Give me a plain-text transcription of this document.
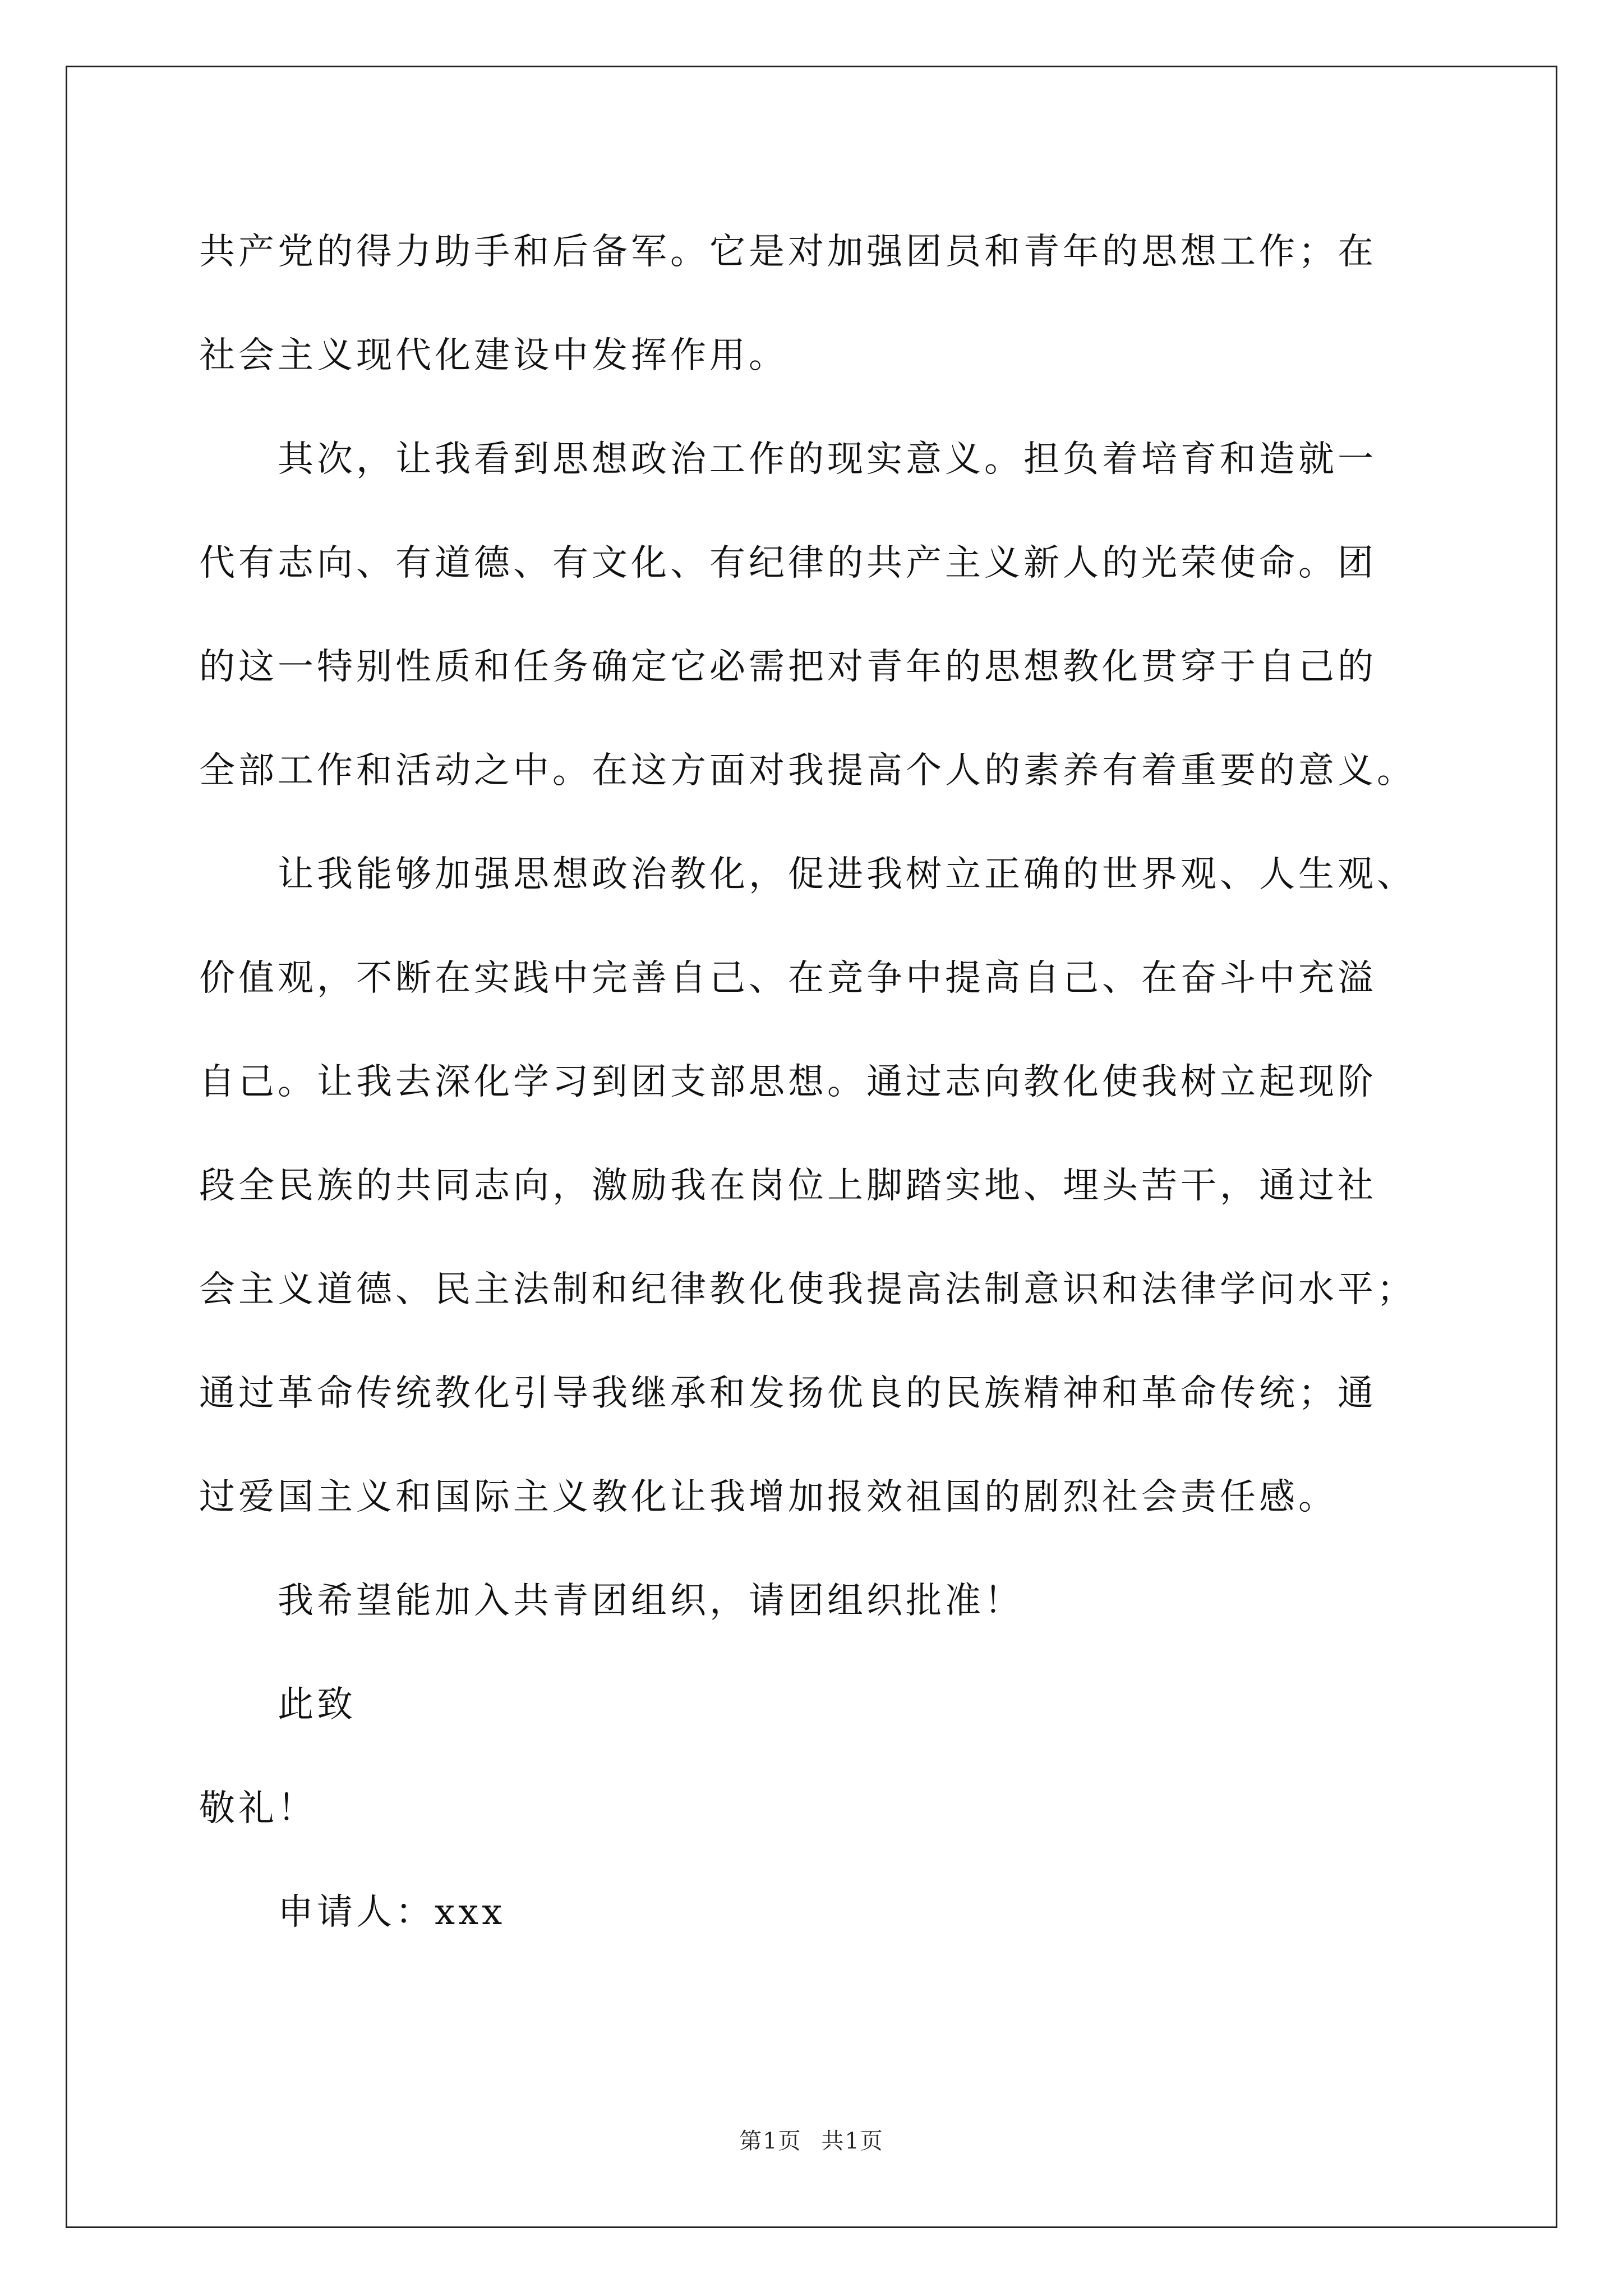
共产党的得力助手和后备军。它是对加强团员和青年的思想工作；在
社会主义现代化建设中发挥作用。
其次，让我看到思想政治工作的现实意义。担负着培育和造就一
代有志向、有道德、有文化、有纪律的共产主义新人的光荣使命。团
的这一特别性质和任务确定它必需把对青年的思想教化贯穿于自己的
全部工作和活动之中。在这方面对我提高个人的素养有着重要的意义。
让我能够加强思想政治教化，促进我树立正确的世界观、人生观、
价值观，不断在实践中完善自己、在竞争中提高自己、在奋斗中充溢
自己。让我去深化学习到团支部思想。通过志向教化使我树立起现阶
段全民族的共同志向，激励我在岗位上脚踏实地、埋头苦干，通过社
会主义道德、民主法制和纪律教化使我提高法制意识和法律学问水平；
通过革命传统教化引导我继承和发扬优良的民族精神和革命传统；通
过爱国主义和国际主义教化让我增加报效祖国的剧烈社会责任感。
我希望能加入共青团组织，请团组织批准！
此致
敬礼！
申请人：xxx
第1页 共1页
